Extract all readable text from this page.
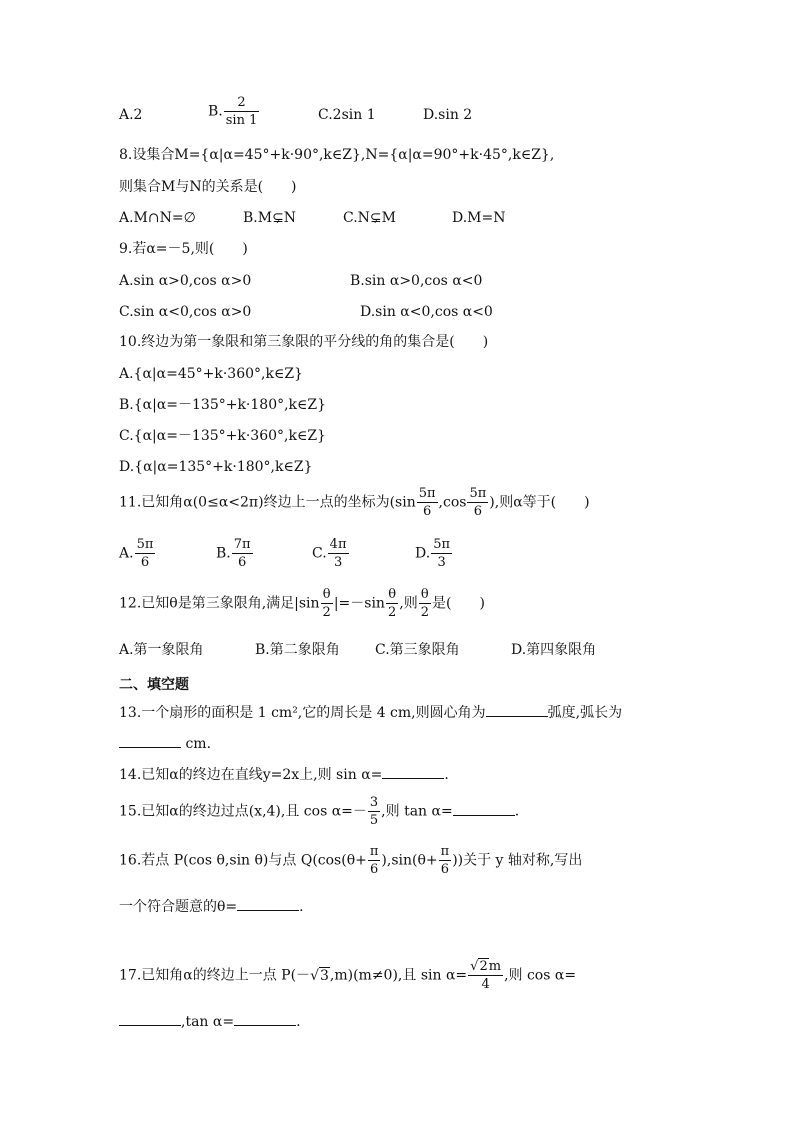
A.2	B. $\frac{2}{\sin 1}$	C.2sin 1	D.sin 2
8.设集合M={α|α=45°+k·90°,k∈Z},N={α|α=90°+k·45°,k∈Z},
则集合M与N的关系是(　　)
A.M∩N=∅	B.M⊊N	C.N⊊M	D.M=N
9.若α=－5,则(　　)
A.sin α>0,cos α>0	B.sin α>0,cos α<0
C.sin α<0,cos α>0	D.sin α<0,cos α<0
10.终边为第一象限和第三象限的平分线的角的集合是(　　)
A.{α|α=45°+k·360°,k∈Z}
B.{α|α=－135°+k·180°,k∈Z}
C.{α|α=－135°+k·360°,k∈Z}
D.{α|α=135°+k·180°,k∈Z}
11.已知角α(0≤α<2π)终边上一点的坐标为($\sin \frac{5\pi}{6} ,\cos \frac{5\pi}{6}$ ),则α等于(　　)
A. $\frac{5\pi}{6}$	B. $\frac{7\pi}{6}$	C. $\frac{4\pi}{3}$	D. $\frac{5\pi}{3}$
12.已知θ是第三象限角,满足$|\sin \frac{\theta}{2} |=-\sin \frac{\theta}{2}$ ,则 $\frac{\theta}{2}$ 是(　　)
A.第一象限角	B.第二象限角	C.第三象限角	D.第四象限角
二、填空题
13.一个扇形的面积是 1 cm²,它的周长是 4 cm,则圆心角为	弧度,弧长为
cm.
14.已知α的终边在直线y=2x上,则 sin α=	.
15.已知α的终边过点(x,4),且 $\cos \alpha=- \frac{3}{5}$ ,则 tan α=	.
16.若点 P(cos θ,sin θ)与点 $Q(\cos(\theta+ \frac{\pi}{6} ),\sin(\theta+ \frac{\pi}{6}$ ))关于 y 轴对称,写出
一个符合题意的θ=	.
17.已知角α的终边上一点 P(－√3,m)(m≠0),且 $\sin \alpha= \frac{√2m}{4}$ ,则 cos α=
,tan α=	.
